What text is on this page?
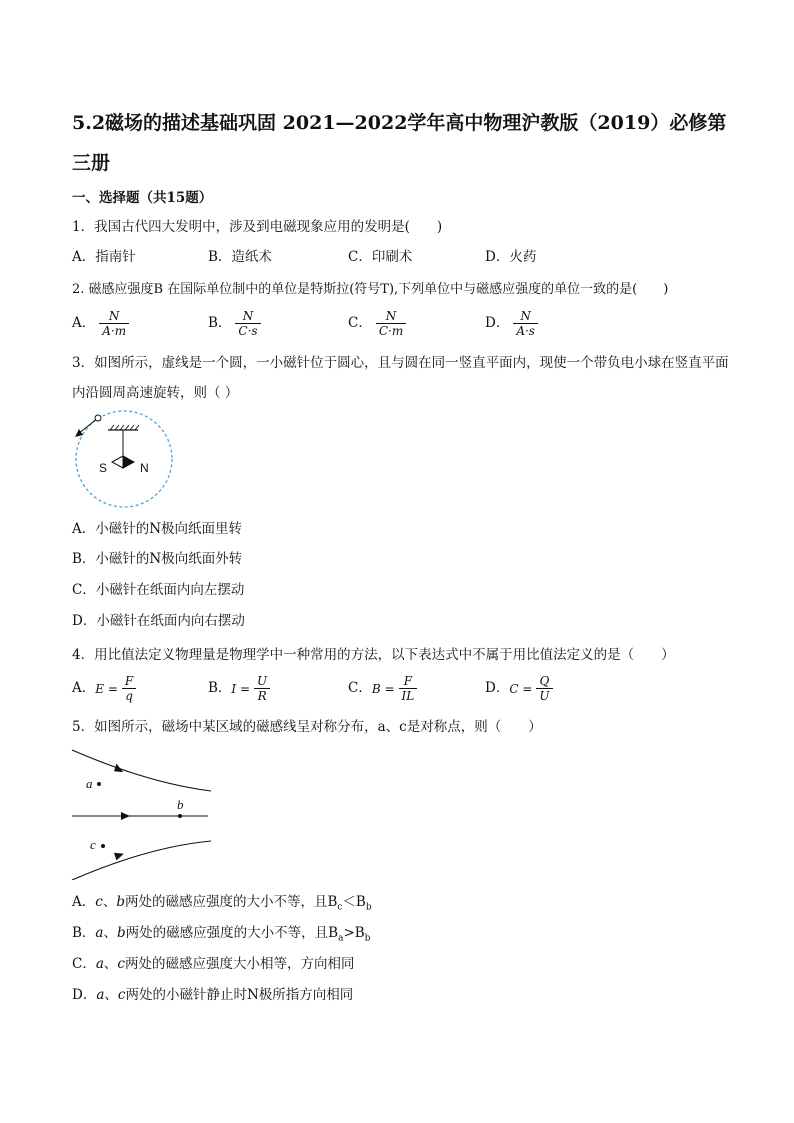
5.2磁场的描述基础巩固 2021—2022学年高中物理沪教版（2019）必修第三册
一、选择题（共15题）
1．我国古代四大发明中，涉及到电磁现象应用的发明是(　　)
A．指南针	B．造纸术	C．印刷术	D．火药
2. 磁感应强度B 在国际单位制中的单位是特斯拉(符号T),下列单位中与磁感应强度的单位一致的是(　　)
A． $\frac{N}{A\cdot m}$	B． $\frac{N}{C\cdot s}$	C． $\frac{N}{C\cdot m}$	D． $\frac{N}{A\cdot s}$
3．如图所示，虚线是一个圆，一小磁针位于圆心，且与圆在同一竖直平面内，现使一个带负电小球在竖直平面内沿圆周高速旋转，则（ ）
S	N
A．小磁针的N极向纸面里转
B．小磁针的N极向纸面外转
C．小磁针在纸面内向左摆动
D．小磁针在纸面内向右摆动
4．用比值法定义物理量是物理学中一种常用的方法，以下表达式中不属于用比值法定义的是（　　）
A．$E = \frac{F}{q}$	B．$I = \frac{U}{R}$	C．$B = \frac{F}{IL}$	D．$C = \frac{Q}{U}$
5．如图所示，磁场中某区域的磁感线呈对称分布，a、c是对称点，则（　　）
a
b
c
A．c、b两处的磁感应强度的大小不等，且$B_c<B_b$
B．a、b两处的磁感应强度的大小不等，且$B_a>B_b$
C．a、c两处的磁感应强度大小相等，方向相同
D．a、c两处的小磁针静止时N极所指方向相同
